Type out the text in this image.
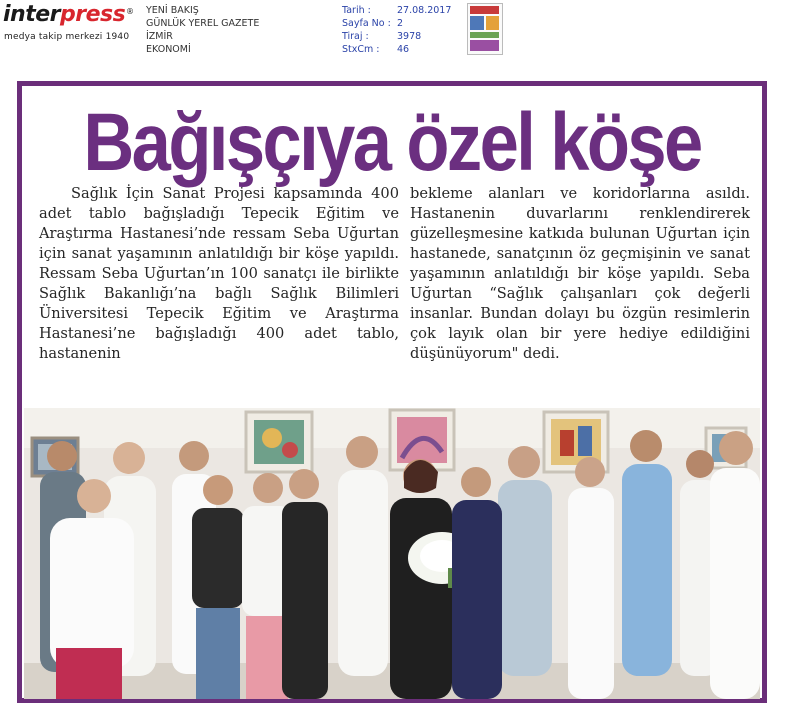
interpress ®
medya takip merkezi 1940
YENİ BAKIŞ
GÜNLÜK YEREL GAZETE
İZMİR
EKONOMİ
Tarih :	27.08.2017
Sayfa No : 2
Tiraj :	3978
StxCm : 46
Bağışçıya özel köşe

Sağlık İçin Sanat Projesi kapsamında 400 adet tablo bağışladığı Tepecik Eğitim ve Araştırma Hastanesi’nde ressam Seba Uğurtan için sanat yaşamının anlatıldığı bir köşe yapıldı. Ressam Seba Uğurtan’ın 100 sanatçı ile birlikte Sağlık Bakanlığı’na bağlı Sağlık Bilimleri Üniversitesi Tepecik Eğitim ve Araştırma Hastanesi’ne bağışladığı 400 adet tablo, hastanenin

bekleme alanları ve koridorlarına asıldı. Hastanenin duvarlarını renklendirerek güzelleşmesine katkıda bulunan Uğurtan için hastanede, sanatçının öz geçmişinin ve sanat yaşamının anlatıldığı bir köşe yapıldı. Seba Uğurtan “Sağlık çalışanları çok değerli insanlar. Bundan dolayı bu özgün resimlerin çok layık olan bir yere hediye edildiğini düşünüyorum" dedi.
